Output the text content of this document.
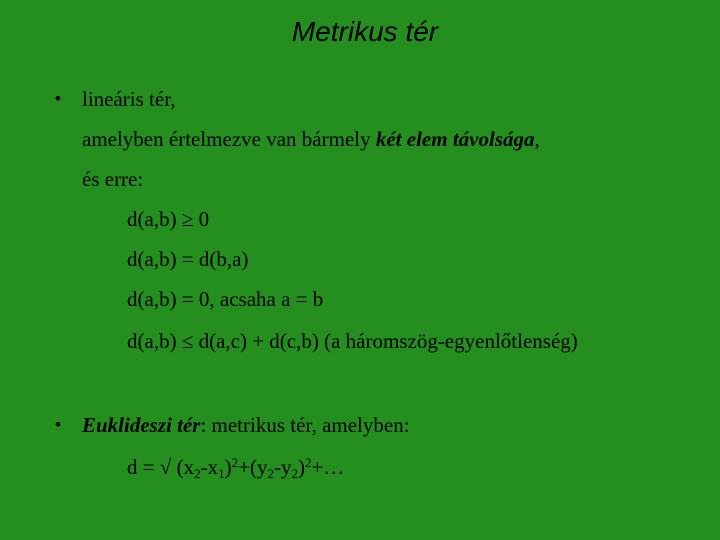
Metrikus tér
• lineáris tér,
amelyben értelmezve van bármely két elem távolsága,
és erre:
d(a,b) ≥ 0
d(a,b) = d(b,a)
d(a,b) = 0, acsaha a = b
d(a,b) ≤ d(a,c) + d(c,b) (a háromszög-egyenlőtlenség)
• Euklideszi tér: metrikus tér, amelyben:
d = √ $(x_2-x_1)^2+(y_2-y_2)^2+\dots$
